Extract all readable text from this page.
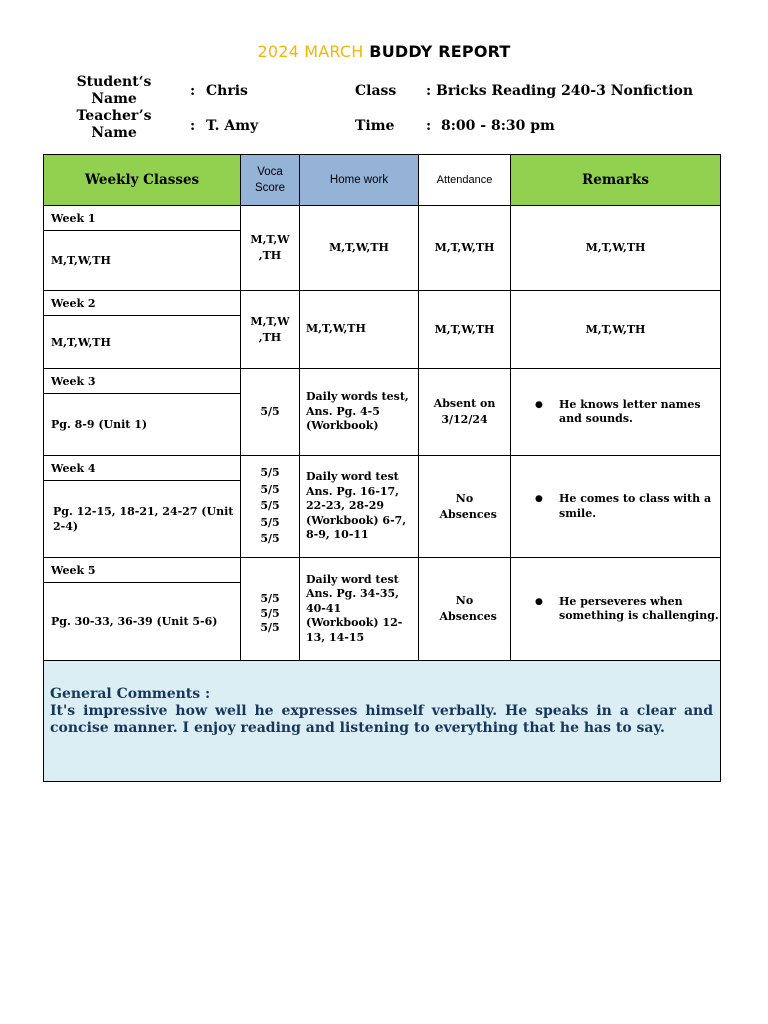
2024 MARCH BUDDY REPORT
Student‘s Name	: Chris
Teacher’s Name	: T. Amy
Class : Bricks Reading 240-3 Nonfiction
Time : 8:00 - 8:30 pm
Weekly Classes	Voca Score	Home work	Attendance	Remarks
Week 1	M,T,W ,TH	M,T,W,TH	M,T,W,TH	M,T,W,TH
M,T,W,TH				
Week 2	M,T,W ,TH	M,T,W,TH	M,T,W,TH	M,T,W,TH
M,T,W,TH				
Week 3	5/5	Daily words test, Ans. Pg. 4-5 (Workbook)	Absent on 3/12/24	● He knows letter names and sounds.

Pg. 8-9 (Unit 1)				
Week 4	5/5 5/5 5/5 5/5 5/5	Daily word test Ans. Pg. 16-17, 22-23, 28-29 (Workbook) 6-7, 8-9, 10-11	No Absences	● He comes to class with a smile.

Pg. 12-15, 18-21, 24-27 (Unit 2-4)				
Week 5	5/5 5/5 5/5	Daily word test Ans. Pg. 34-35, 40-41 (Workbook) 12-13, 14-15	No Absences	● He perseveres when something is challenging.

Pg. 30-33, 36-39 (Unit 5-6)				

General Comments :
It's impressive how well he expresses himself verbally. He speaks in a clear and concise manner. I enjoy reading and listening to everything that he has to say.				
